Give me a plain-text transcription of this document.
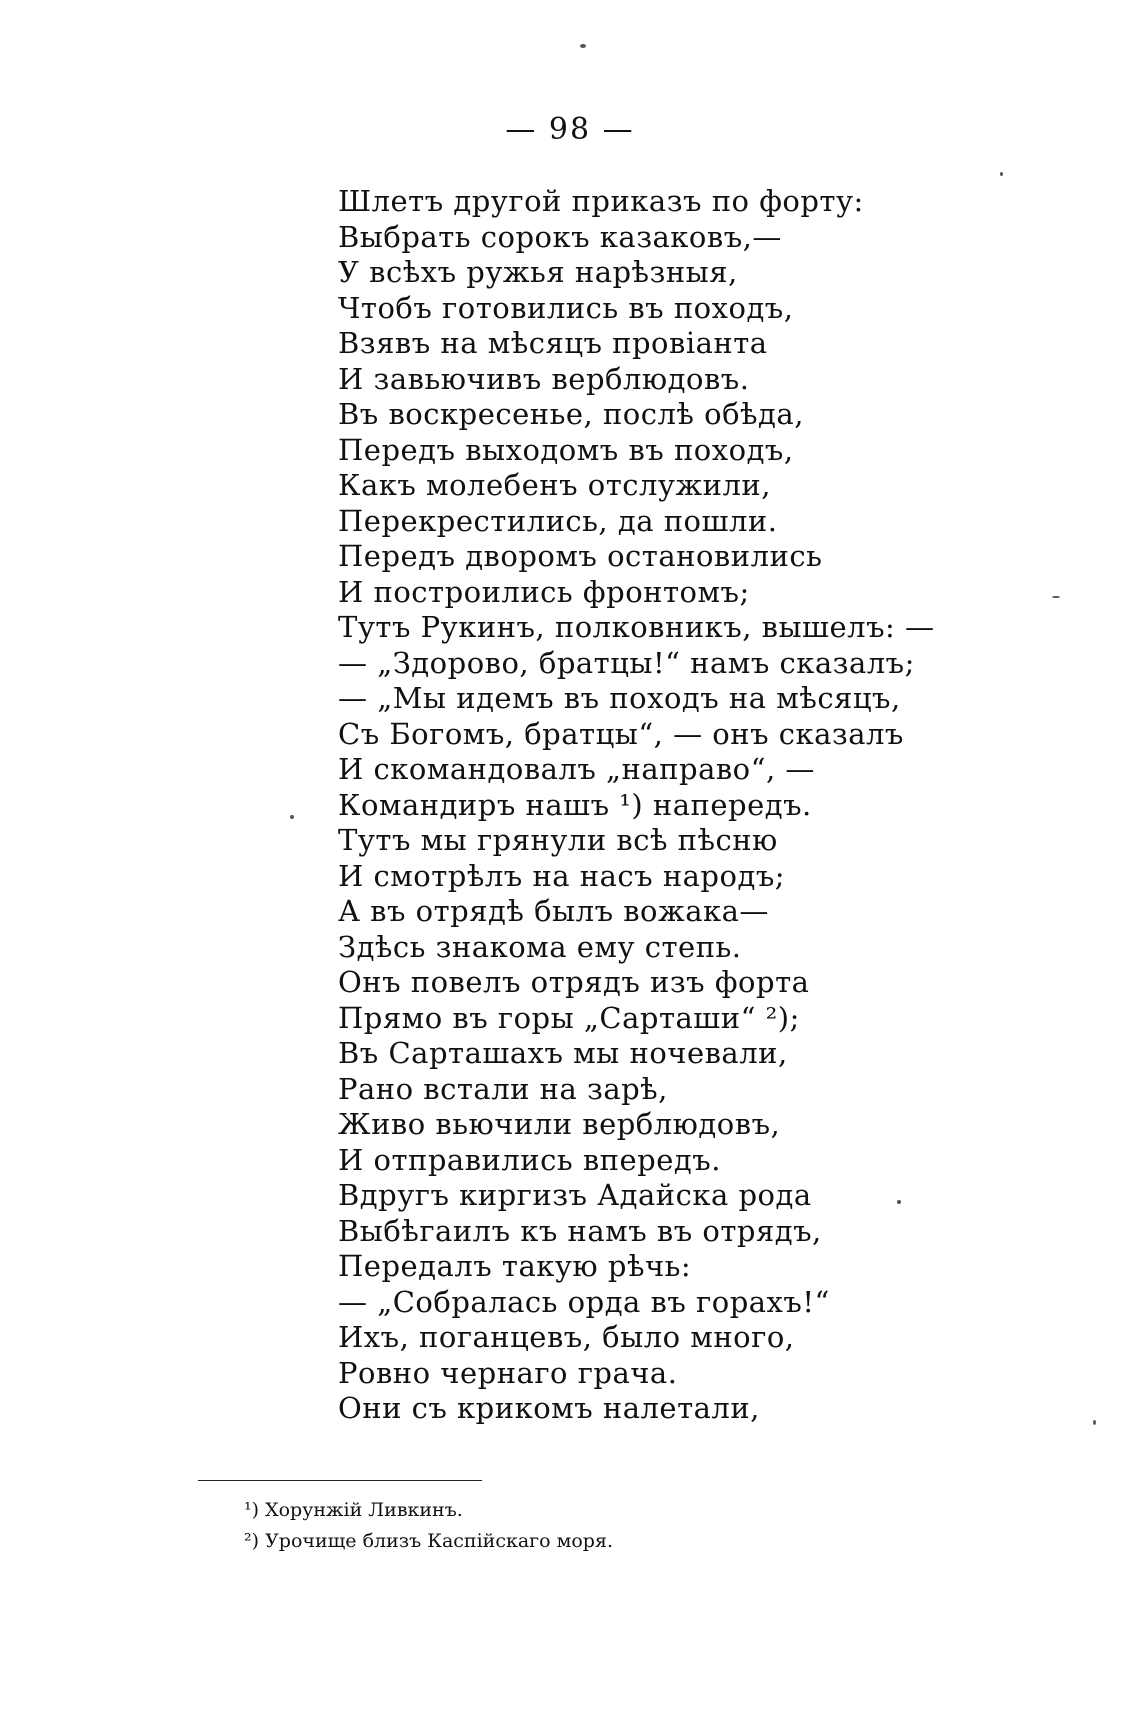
— 98 —
Шлетъ другой приказъ по форту:
Выбрать сорокъ казаковъ,—
У всѣхъ ружья нарѣзныя,
Чтобъ готовились въ походъ,
Взявъ на мѣсяцъ провіанта
И завьючивъ верблюдовъ.
Въ воскресенье, послѣ обѣда,
Передъ выходомъ въ походъ,
Какъ молебенъ отслужили,
Перекрестились, да пошли.
Передъ дворомъ остановились
И построились фронтомъ;
Тутъ Рукинъ, полковникъ, вышелъ: —
— „Здорово, братцы!“ намъ сказалъ;
— „Мы идемъ въ походъ на мѣсяцъ,
Съ Богомъ, братцы“, — онъ сказалъ
И скомандовалъ „направо“, —
Командиръ нашъ ¹) напередъ.
Тутъ мы грянули всѣ пѣсню
И смотрѣлъ на насъ народъ;
А въ отрядѣ былъ вожака—
Здѣсь знакома ему степь.
Онъ повелъ отрядъ изъ форта
Прямо въ горы „Сарташи“ ²);
Въ Сарташахъ мы ночевали,
Рано встали на зарѣ,
Живо вьючили верблюдовъ,
И отправились впередъ.
Вдругъ киргизъ Адайска рода
Выбѣгаилъ къ намъ въ отрядъ,
Передалъ такую рѣчь:
— „Собралась орда въ горахъ!“
Ихъ, поганцевъ, было много,
Ровно чернаго грача.
Они съ крикомъ налетали,
¹) Хорунжій Ливкинъ.
²) Урочище близъ Каспійскаго моря.
